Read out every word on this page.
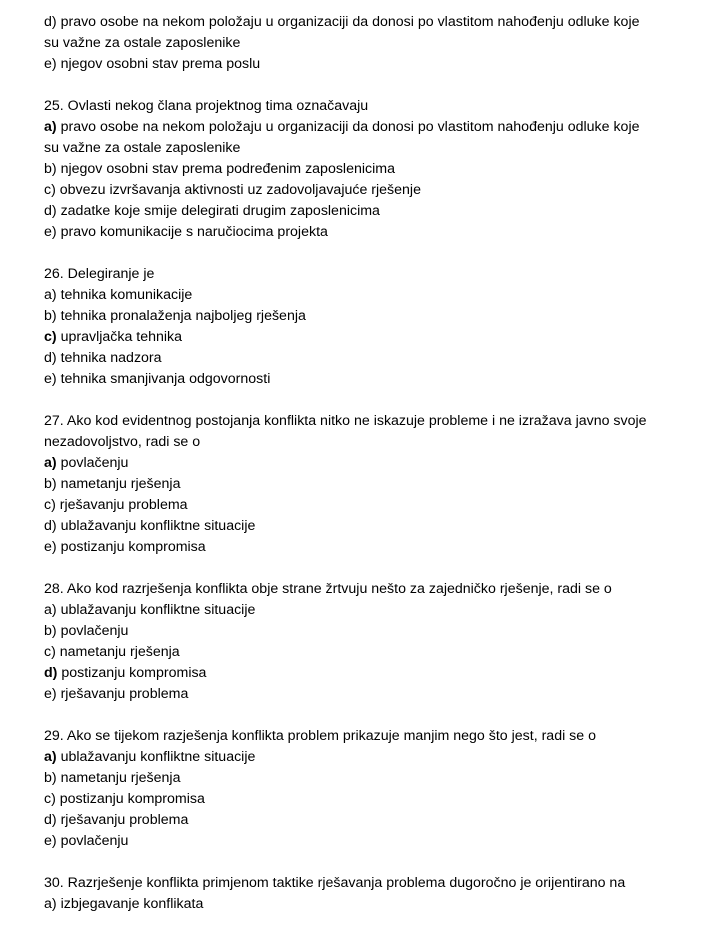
d) pravo osobe na nekom položaju u organizaciji da donosi po vlastitom nahođenju odluke koje su važne za ostale zaposlenike
e) njegov osobni stav prema poslu
25. Ovlasti nekog člana projektnog tima označavaju
a) pravo osobe na nekom položaju u organizaciji da donosi po vlastitom nahođenju odluke koje su važne za ostale zaposlenike
b) njegov osobni stav prema podređenim zaposlenicima
c) obvezu izvršavanja aktivnosti uz zadovoljavajuće rješenje
d) zadatke koje smije delegirati drugim zaposlenicima
e) pravo komunikacije s naručiocima projekta
26. Delegiranje je
a) tehnika komunikacije
b) tehnika pronalaženja najboljeg rješenja
c) upravljačka tehnika
d) tehnika nadzora
e) tehnika smanjivanja odgovornosti
27. Ako kod evidentnog postojanja konflikta nitko ne iskazuje probleme i ne izražava javno svoje nezadovoljstvo, radi se o
a) povlačenju
b) nametanju rješenja
c) rješavanju problema
d) ublažavanju konfliktne situacije
e) postizanju kompromisa
28. Ako kod razrješenja konflikta obje strane žrtvuju nešto za zajedničko rješenje, radi se o
a) ublažavanju konfliktne situacije
b) povlačenju
c) nametanju rješenja
d) postizanju kompromisa
e) rješavanju problema
29. Ako se tijekom razješenja konflikta problem prikazuje manjim nego što jest, radi se o
a) ublažavanju konfliktne situacije
b) nametanju rješenja
c) postizanju kompromisa
d) rješavanju problema
e) povlačenju
30. Razrješenje konflikta primjenom taktike rješavanja problema dugoročno je orijentirano na
a) izbjegavanje konflikata
